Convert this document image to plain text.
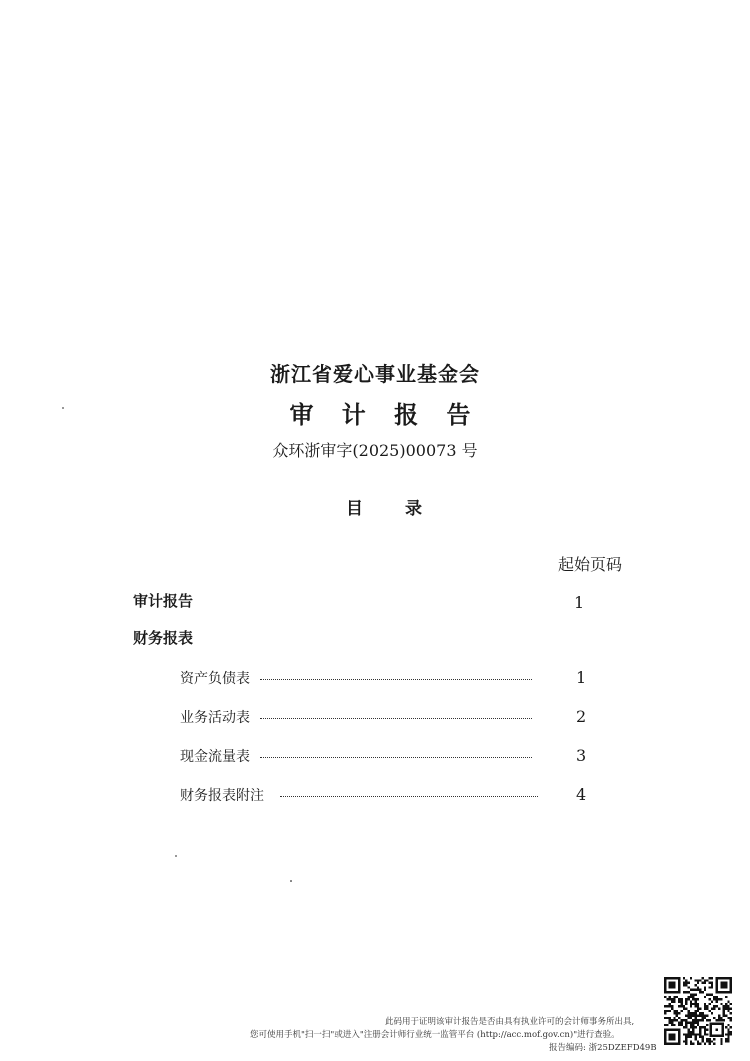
浙江省爱心事业基金会
审 计 报 告
众环浙审字(2025)00073 号
目 录
起始页码
审计报告	1
财务报表
资产负债表	1
业务活动表	2
现金流量表	3
财务报表附注	4
此码用于证明该审计报告是否由具有执业许可的会计师事务所出具,
您可使用手机"扫一扫"或进入"注册会计师行业统一监管平台 (http://acc.mof.gov.cn)"进行查验。
报告编码: 浙25DZEFD49B
